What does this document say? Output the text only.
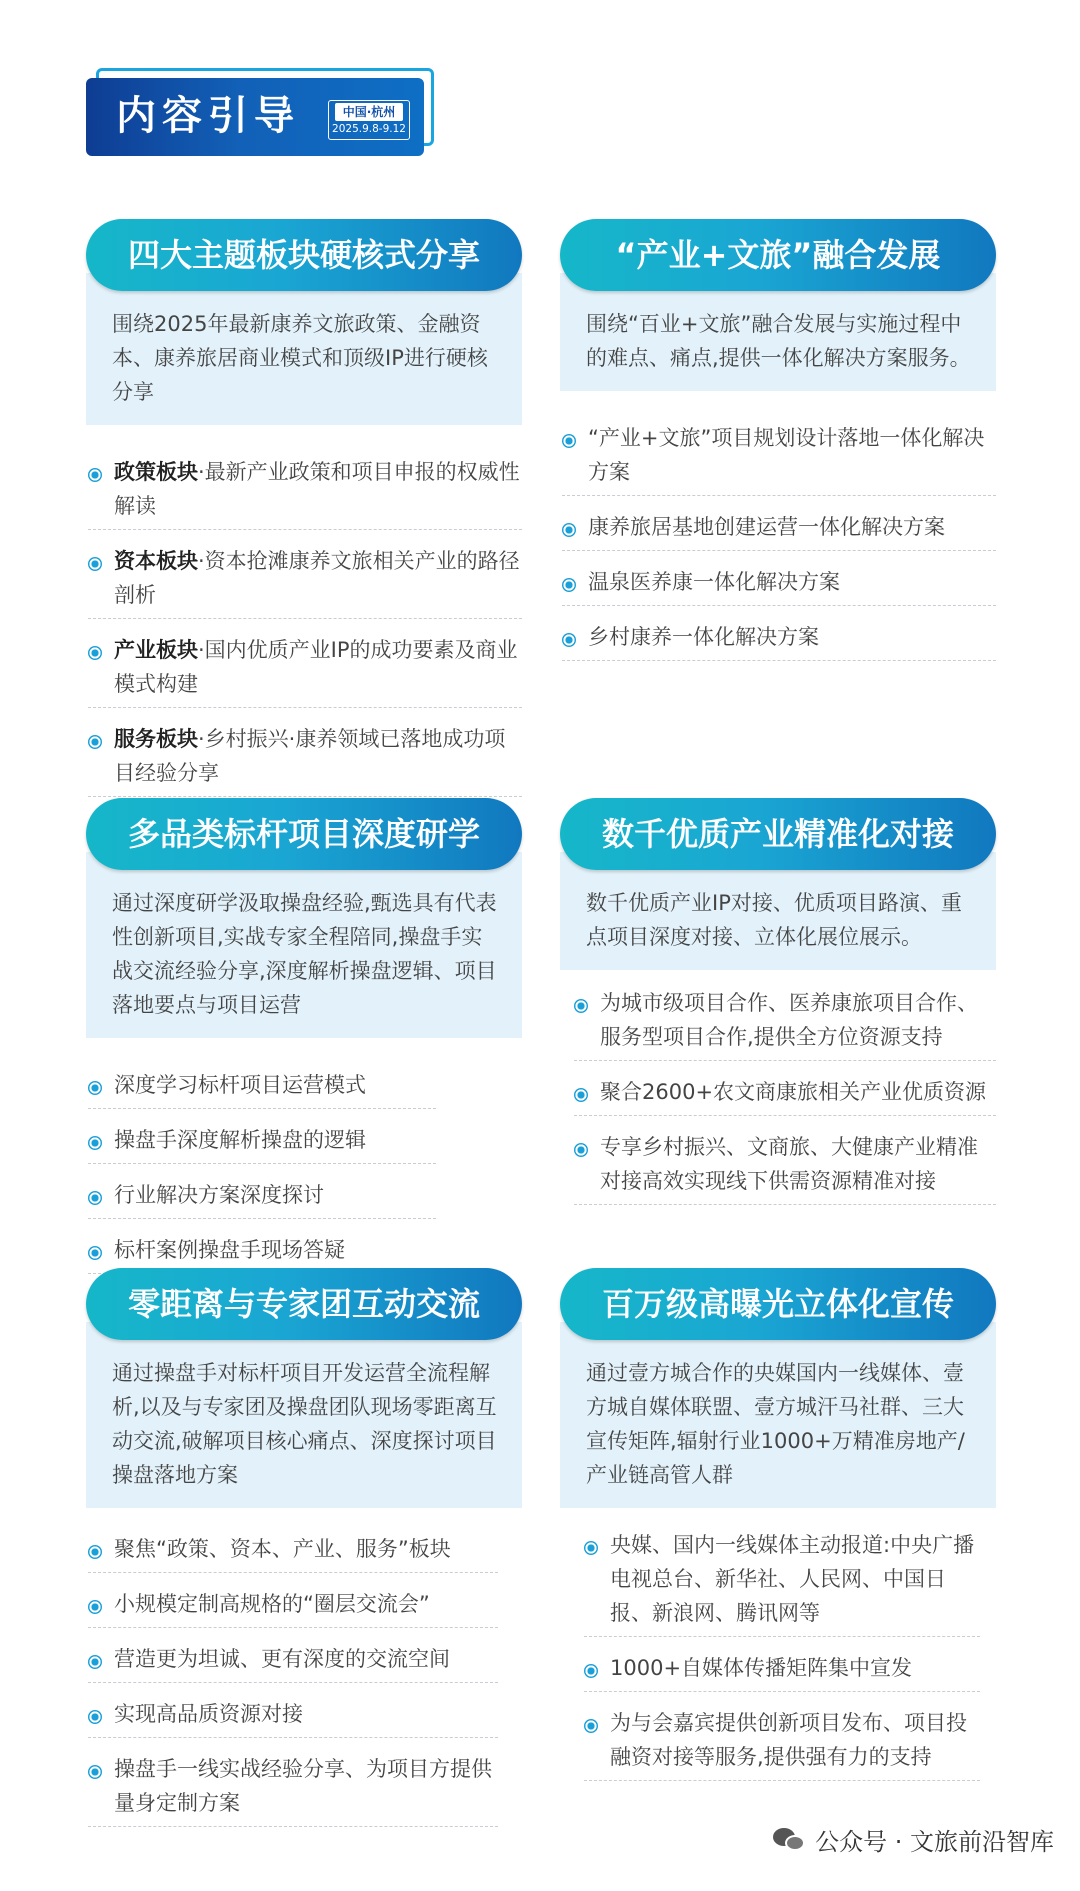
内容引导	中国·杭州
2025.9.8-9.12
四大主题板块硬核式分享
围绕2025年最新康养文旅政策、金融资本、康养旅居商业模式和顶级IP进行硬核分享
政策板块·最新产业政策和项目申报的权威性解读
资本板块·资本抢滩康养文旅相关产业的路径剖析
产业板块·国内优质产业IP的成功要素及商业模式构建
服务板块·乡村振兴·康养领域已落地成功项目经验分享
“产业+文旅”融合发展
围绕“百业+文旅”融合发展与实施过程中的难点、痛点,提供一体化解决方案服务。
“产业+文旅”项目规划设计落地一体化解决方案
康养旅居基地创建运营一体化解决方案
温泉医养康一体化解决方案
乡村康养一体化解决方案
多品类标杆项目深度研学
通过深度研学汲取操盘经验,甄选具有代表性创新项目,实战专家全程陪同,操盘手实战交流经验分享,深度解析操盘逻辑、项目落地要点与项目运营
深度学习标杆项目运营模式
操盘手深度解析操盘的逻辑
行业解决方案深度探讨
标杆案例操盘手现场答疑
数千优质产业精准化对接
数千优质产业IP对接、优质项目路演、重点项目深度对接、立体化展位展示。
为城市级项目合作、医养康旅项目合作、服务型项目合作,提供全方位资源支持
聚合2600+农文商康旅相关产业优质资源
专享乡村振兴、文商旅、大健康产业精准对接高效实现线下供需资源精准对接
零距离与专家团互动交流
通过操盘手对标杆项目开发运营全流程解析,以及与专家团及操盘团队现场零距离互动交流,破解项目核心痛点、深度探讨项目操盘落地方案
聚焦“政策、资本、产业、服务”板块
小规模定制高规格的“圈层交流会”
营造更为坦诚、更有深度的交流空间
实现高品质资源对接
操盘手一线实战经验分享、为项目方提供量身定制方案
百万级高曝光立体化宣传
通过壹方城合作的央媒国内一线媒体、壹方城自媒体联盟、壹方城汗马社群、三大宣传矩阵,辐射行业1000+万精准房地产/产业链高管人群
央媒、国内一线媒体主动报道:中央广播电视总台、新华社、人民网、中国日报、新浪网、腾讯网等
1000+自媒体传播矩阵集中宣发
为与会嘉宾提供创新项目发布、项目投融资对接等服务,提供强有力的支持
公众号 · 文旅前沿智库
